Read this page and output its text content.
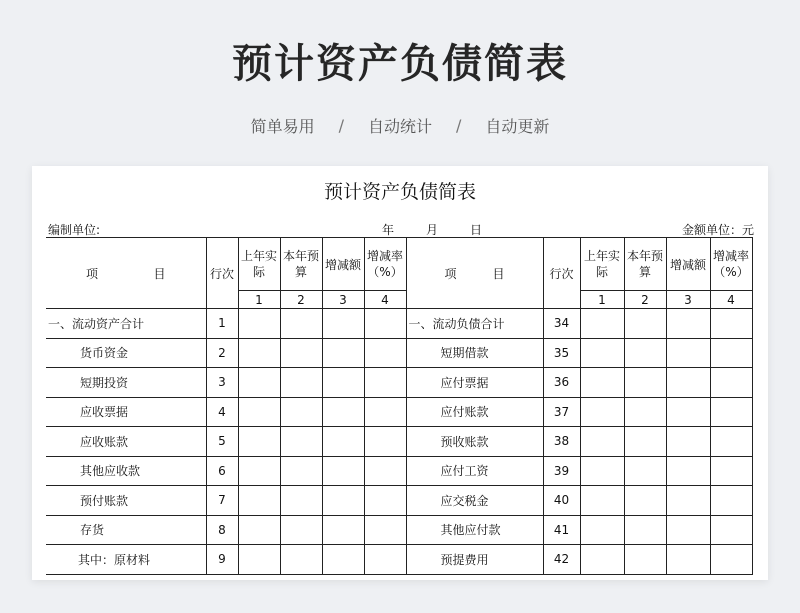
预计资产负债简表
简单易用 / 自动统计 / 自动更新
预计资产负债简表
编制单位:	年	月	日	金额单位：元
项 目	行次	上年实际	本年预算	增减额	增减率（%）	项 目	行次	上年实际	本年预算	增减额	增减率（%）
		1	2	3	4			1	2	3	4
一、流动资产合计	1					一、流动负债合计	34				
货币资金	2					短期借款	35				
短期投资	3					应付票据	36				
应收票据	4					应付账款	37				
应收账款	5					预收账款	38				
其他应收款	6					应付工资	39				
预付账款	7					应交税金	40				
存货	8					其他应付款	41				
其中：原材料	9					预提费用	42				
